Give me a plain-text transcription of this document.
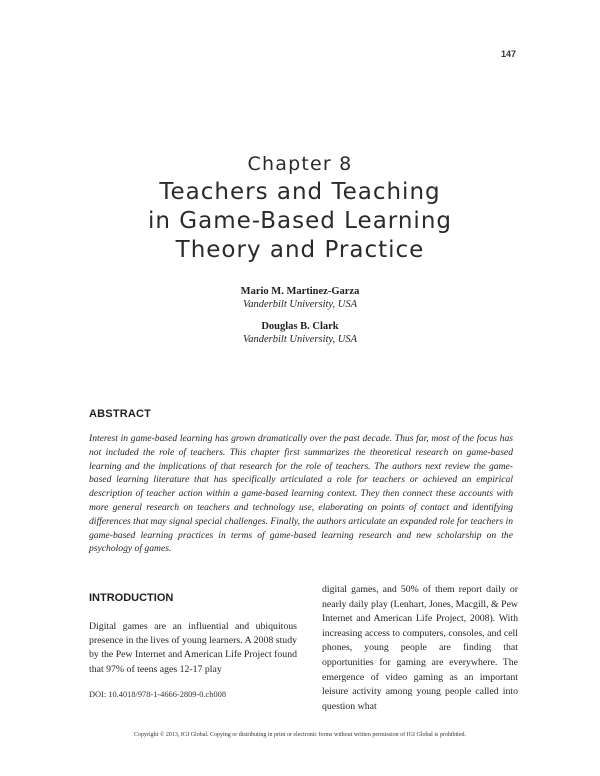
147
Chapter 8
Teachers and Teaching
in Game-Based Learning
Theory and Practice
Mario M. Martinez-Garza
Vanderbilt University, USA
Douglas B. Clark
Vanderbilt University, USA
ABSTRACT
Interest in game-based learning has grown dramatically over the past decade. Thus far, most of the focus has not included the role of teachers. This chapter first summarizes the theoretical research on game-based learning and the implications of that research for the role of teachers. The authors next review the game-based learning literature that has specifically articulated a role for teachers or achieved an empirical description of teacher action within a game-based learning context. They then connect these accounts with more general research on teachers and technology use, elaborating on points of contact and identifying differences that may signal special challenges. Finally, the authors articulate an expanded role for teachers in game-based learning practices in terms of game-based learning research and new scholarship on the psychology of games.
INTRODUCTION
Digital games are an influential and ubiquitous presence in the lives of young learners. A 2008 study by the Pew Internet and American Life Project found that 97% of teens ages 12-17 play
DOI: 10.4018/978-1-4666-2809-0.ch008
digital games, and 50% of them report daily or nearly daily play (Lenhart, Jones, Macgill, & Pew Internet and American Life Project, 2008). With increasing access to computers, consoles, and cell phones, young people are finding that opportunities for gaming are everywhere. The emergence of video gaming as an important leisure activity among young people called into question what
Copyright © 2013, IGI Global. Copying or distributing in print or electronic forms without written permission of IGI Global is prohibited.
